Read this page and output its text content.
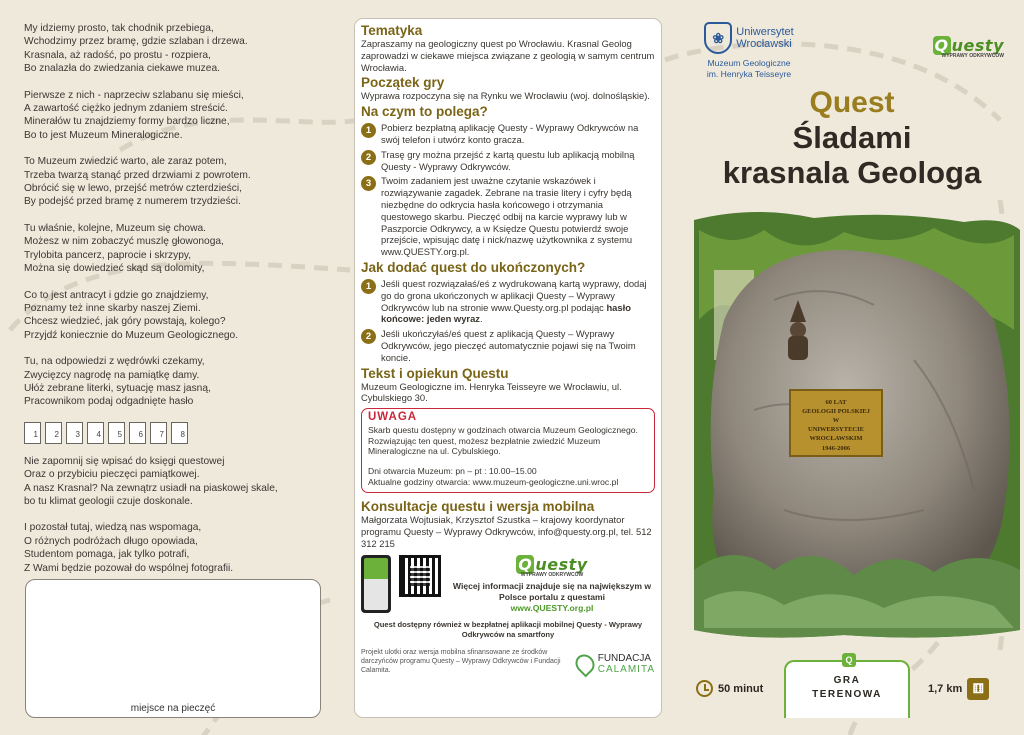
My idziemy prosto, tak chodnik przebiega,
Wchodzimy przez bramę, gdzie szlaban i drzewa.
Krasnala, aż radość, po prostu - rozpiera,
Bo znalazła do zwiedzania ciekawe muzea.
Pierwsze z nich - naprzeciw szlabanu się mieści,
A zawartość ciężko jednym zdaniem streścić.
Minerałów tu znajdziemy formy bardzo liczne,
Bo to jest Muzeum Mineralogiczne.
To Muzeum zwiedzić warto, ale zaraz potem,
Trzeba twarzą stanąć przed drzwiami z powrotem.
Obrócić się w lewo, przejść metrów czterdzieści,
By podejść przed bramę z numerem trzydzieści.
Tu właśnie, kolejne, Muzeum się chowa.
Możesz w nim zobaczyć muszlę głowonoga,
Trylobita pancerz, paprocie i skrzypy,
Można się dowiedzieć skąd są dolomity,
Co to jest antracyt i gdzie go znajdziemy,
Poznamy też inne skarby naszej Ziemi.
Chcesz wiedzieć, jak góry powstają, kolego?
Przyjdź koniecznie do Muzeum Geologicznego.
Tu, na odpowiedzi z wędrówki czekamy,
Zwycięzcy nagrodę na pamiątkę damy.
Ułóż zebrane literki, sytuację masz jasną,
Pracownikom podaj odgadnięte hasło
1 2 3 4 5 6 7 8
Nie zapomnij się wpisać do księgi questowej
Oraz o przybiciu pieczęci pamiątkowej.
A nasz Krasnal? Na zewnątrz usiadł na piaskowej skale,
bo tu klimat geologii czuje doskonale.
I pozostał tutaj, wiedzą nas wspomaga,
O różnych podróżach długo opowiada,
Studentom pomaga, jak tylko potrafi,
Z Wami będzie pozował do wspólnej fotografii.
miejsce na pieczęć
Tematyka
Zapraszamy na geologiczny quest po Wrocławiu. Krasnal Geolog zaprowadzi w ciekawe miejsca związane z geologią w samym centrum Wrocławia.
Początek gry
Wyprawa rozpoczyna się na Rynku we Wrocławiu (woj. dolnośląskie).
Na czym to polega?
1	Pobierz bezpłatną aplikację Questy - Wyprawy Odkrywców na swój telefon i utwórz konto gracza.
2	Trasę gry można przejść z kartą questu lub aplikacją mobilną Questy - Wyprawy Odkrywców.
3	Twoim zadaniem jest uważne czytanie wskazówek i rozwiązywanie zagadek. Zebrane na trasie litery i cyfry będą niezbędne do odkrycia hasła końcowego i otrzymania questowego skarbu. Pieczęć odbij na karcie wyprawy lub w Paszporcie Odkrywcy, a w Księdze Questu potwierdź swoje przejście, wpisując datę i nick/nazwę użytkownika z systemu www.QUESTY.org.pl.
Jak dodać quest do ukończonych?
1	Jeśli quest rozwiązałaś/eś z wydrukowaną kartą wyprawy, dodaj go do grona ukończonych w aplikacji Questy – Wyprawy Odkrywców lub na stronie www.Questy.org.pl podając hasło końcowe: jeden wyraz.
2	Jeśli ukończyłaś/eś quest z aplikacją Questy – Wyprawy Odkrywców, jego pieczęć automatycznie pojawi się na Twoim koncie.
Tekst i opiekun Questu
Muzeum Geologiczne im. Henryka Teisseyre we Wrocławiu, ul. Cybulskiego 30.
UWAGA
Skarb questu dostępny w godzinach otwarcia Muzeum Geologicznego. Rozwiązując ten quest, możesz bezpłatnie zwiedzić Muzeum Mineralogiczne na ul. Cybulskiego.
Dni otwarcia Muzeum: pn – pt : 10.00–15.00
Aktualne godziny otwarcia: www.muzeum-geologiczne.uni.wroc.pl
Konsultacje questu i wersja mobilna
Małgorzata Wojtusiak, Krzysztof Szustka – krajowy koordynator programu Questy – Wyprawy Odkrywców, info@questy.org.pl, tel. 512 312 215
Q uesty
WYPRAWY ODKRYWCÓW
Więcej informacji znajduje się na największym w Polsce portalu z questami
www.QUESTY.org.pl
Quest dostępny również w bezpłatnej aplikacji mobilnej Questy - Wyprawy Odkrywców na smartfony
Projekt ulotki oraz wersja mobilna sfinansowane ze środków darczyńców programu Questy – Wyprawy Odkrywców i Fundacji Calamita.
FUNDACJA
CALAMITA
❀	Uniwersytet
Wrocławski
Muzeum Geologiczne
im. Henryka Teisseyre
Q uesty
WYPRAWY ODKRYWCÓW
Quest
Śladami
krasnala Geologa
60 LAT
GEOLOGII POLSKIEJ
W
UNIWERSYTECIE
WROCŁAWSKIM
1946-2006
50 minut
Q
GRA
TERENOWA	1,7 km ⚅
